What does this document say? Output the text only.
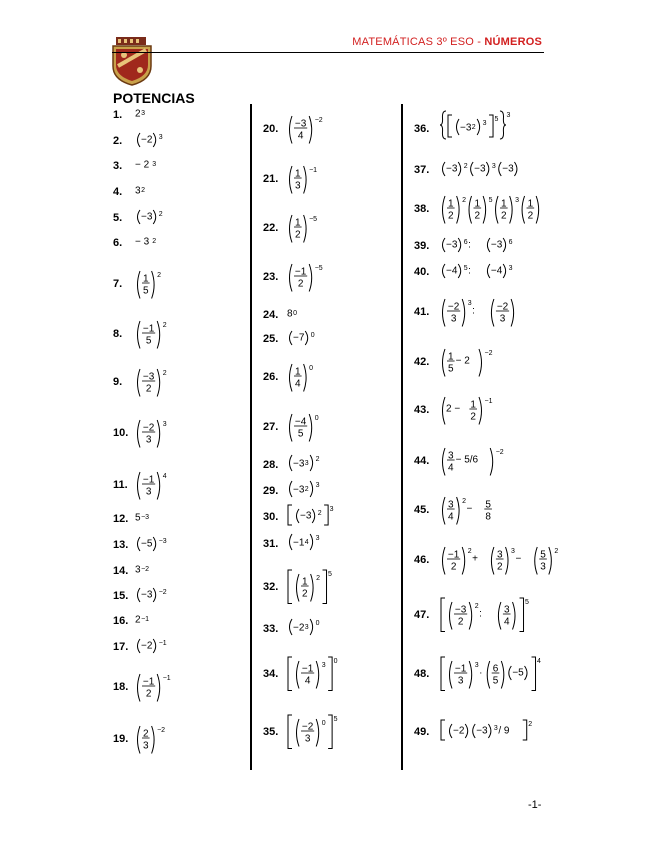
MATEMÁTICAS 3º ESO - NÚMEROS
POTENCIAS
1. 2 3
2. −2 3
3. − 2 3
4. 3 2
5. −3 2
6. − 3 2
7. 1
5
2
8. −1
5
2
9. −3
2
2
10. −2
3
3
11. −1
3
4
12. 5 −3
13. −5 −3
14. 3 −2
15. −3 −2
16. 2 −1
17. −2 −1
18. −1
2
−1
19. 2
3
−2
20. −3
4
−2
21. 1
3
−1
22. 1
2
−5
23. −1
2
−5
24. 8 0
25. −7 0
26. 1
4
0
27. −4
5
0
28. −3 3
2
29. −3 2
3
30. −3 2
3
31. −1 4
3
32. 1
2
2
5
33. −2 3
0
34. −1
4
3
0
35. −2
3
0
5
36.	−3 2
3
5
3
37. −3 2 −3 3 −3
38. 1
2
2 1
2
5 1
2
3 1
2
39. −3 6 : −3 6
40. −4 5 : −4 3
41. −2
3
3
: −2
3
42. 1
5
− 2
−2
43. 2 − 1
2
−1
44. 3
4
− 5/6
−2
45. 3
4
2
− 5
8
46. −1
2
2
+ 3
2
3
− 5
3
2
47.	−3
2
2
: 3
4
5
48.	−1
3
3
· 6
5
−5
4
49. −2 −3 3 / 9
2
-1-
